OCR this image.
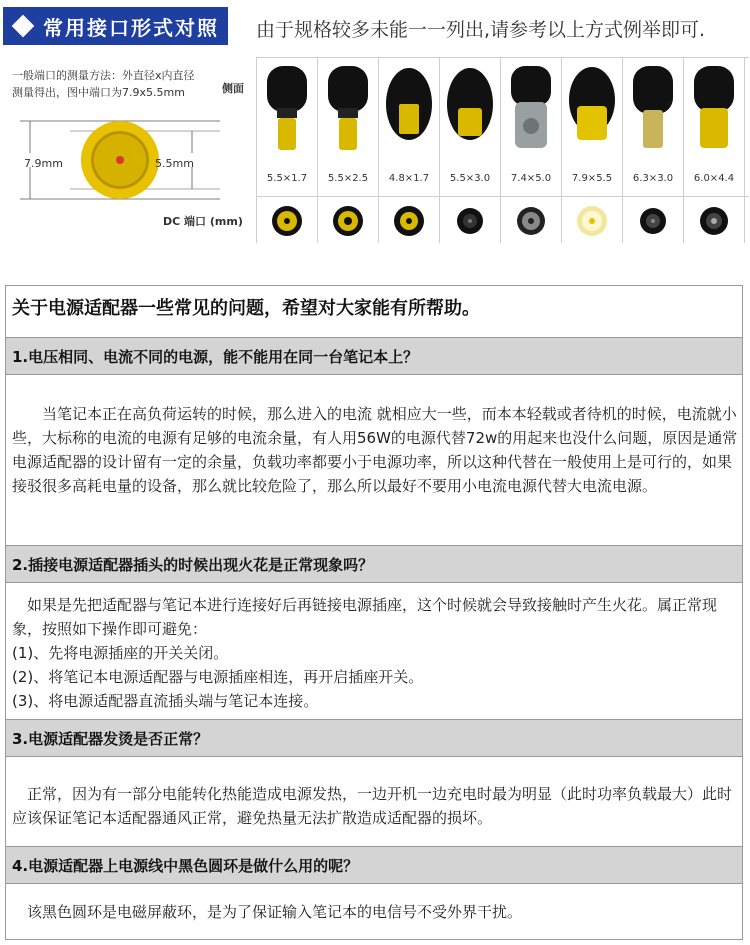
常用接口形式对照 由于规格较多未能一一列出,请参考以上方式例举即可.
一般端口的测量方法：外直径x内直径
测量得出，图中端口为7.9x5.5mm
7.9mm	5.5mm
侧面
DC 端口 (mm)
5.5×1.7	5.5×2.5	4.8×1.7	5.5×3.0	7.4×5.0	7.9×5.5	6.3×3.0	6.0×4.4
关于电源适配器一些常见的问题，希望对大家能有所帮助。
1.电压相同、电流不同的电源，能不能用在同一台笔记本上？

当笔记本正在高负荷运转的时候，那么进入的电流 就相应大一些，而本本轻载或者待机的时候，电流就小些，大标称的电流的电源有足够的电流余量，有人用56W的电源代替72w的用起来也没什么问题，原因是通常电源适配器的设计留有一定的余量，负载功率都要小于电源功率，所以这种代替在一般使用上是可行的，如果接驳很多高耗电量的设备，那么就比较危险了，那么所以最好不要用小电流电源代替大电流电源。

2.插接电源适配器插头的时候出现火花是正常现象吗？

如果是先把适配器与笔记本进行连接好后再链接电源插座，这个时候就会导致接触时产生火花。属正常现象，按照如下操作即可避免：

(1)、先将电源插座的开关关闭。

(2)、将笔记本电源适配器与电源插座相连，再开启插座开关。

(3)、将电源适配器直流插头端与笔记本连接。

3.电源适配器发烫是否正常？

正常，因为有一部分电能转化热能造成电源发热，一边开机一边充电时最为明显（此时功率负载最大）此时应该保证笔记本适配器通风正常，避免热量无法扩散造成适配器的损坏。

4.电源适配器上电源线中黑色圆环是做什么用的呢？

该黑色圆环是电磁屏蔽环，是为了保证输入笔记本的电信号不受外界干扰。
